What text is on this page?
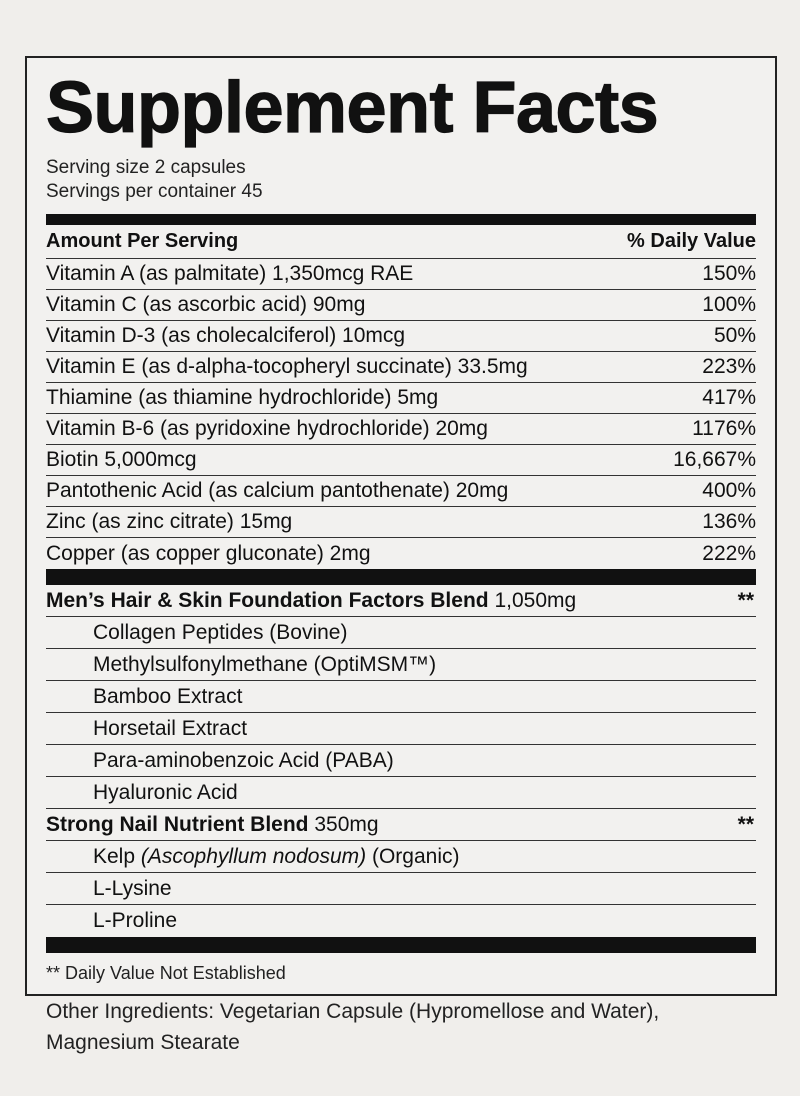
Supplement Facts
Serving size 2 capsules
Servings per container 45
Amount Per Serving	% Daily Value
Vitamin A (as palmitate) 1,350mcg RAE	150%
Vitamin C (as ascorbic acid) 90mg	100%
Vitamin D-3 (as cholecalciferol) 10mcg	50%
Vitamin E (as d-alpha-tocopheryl succinate) 33.5mg	223%
Thiamine (as thiamine hydrochloride) 5mg	417%
Vitamin B-6 (as pyridoxine hydrochloride) 20mg	1176%
Biotin 5,000mcg	16,667%
Pantothenic Acid (as calcium pantothenate) 20mg	400%
Zinc (as zinc citrate) 15mg	136%
Copper (as copper gluconate) 2mg	222%
Men’s Hair & Skin Foundation Factors Blend 1,050mg	**
Collagen Peptides (Bovine)
Methylsulfonylmethane (OptiMSM™)
Bamboo Extract
Horsetail Extract
Para-aminobenzoic Acid (PABA)
Hyaluronic Acid
Strong Nail Nutrient Blend 350mg	**
Kelp (Ascophyllum nodosum) (Organic)
L-Lysine
L-Proline
** Daily Value Not Established
Other Ingredients: Vegetarian Capsule (Hypromellose and Water), Magnesium Stearate
